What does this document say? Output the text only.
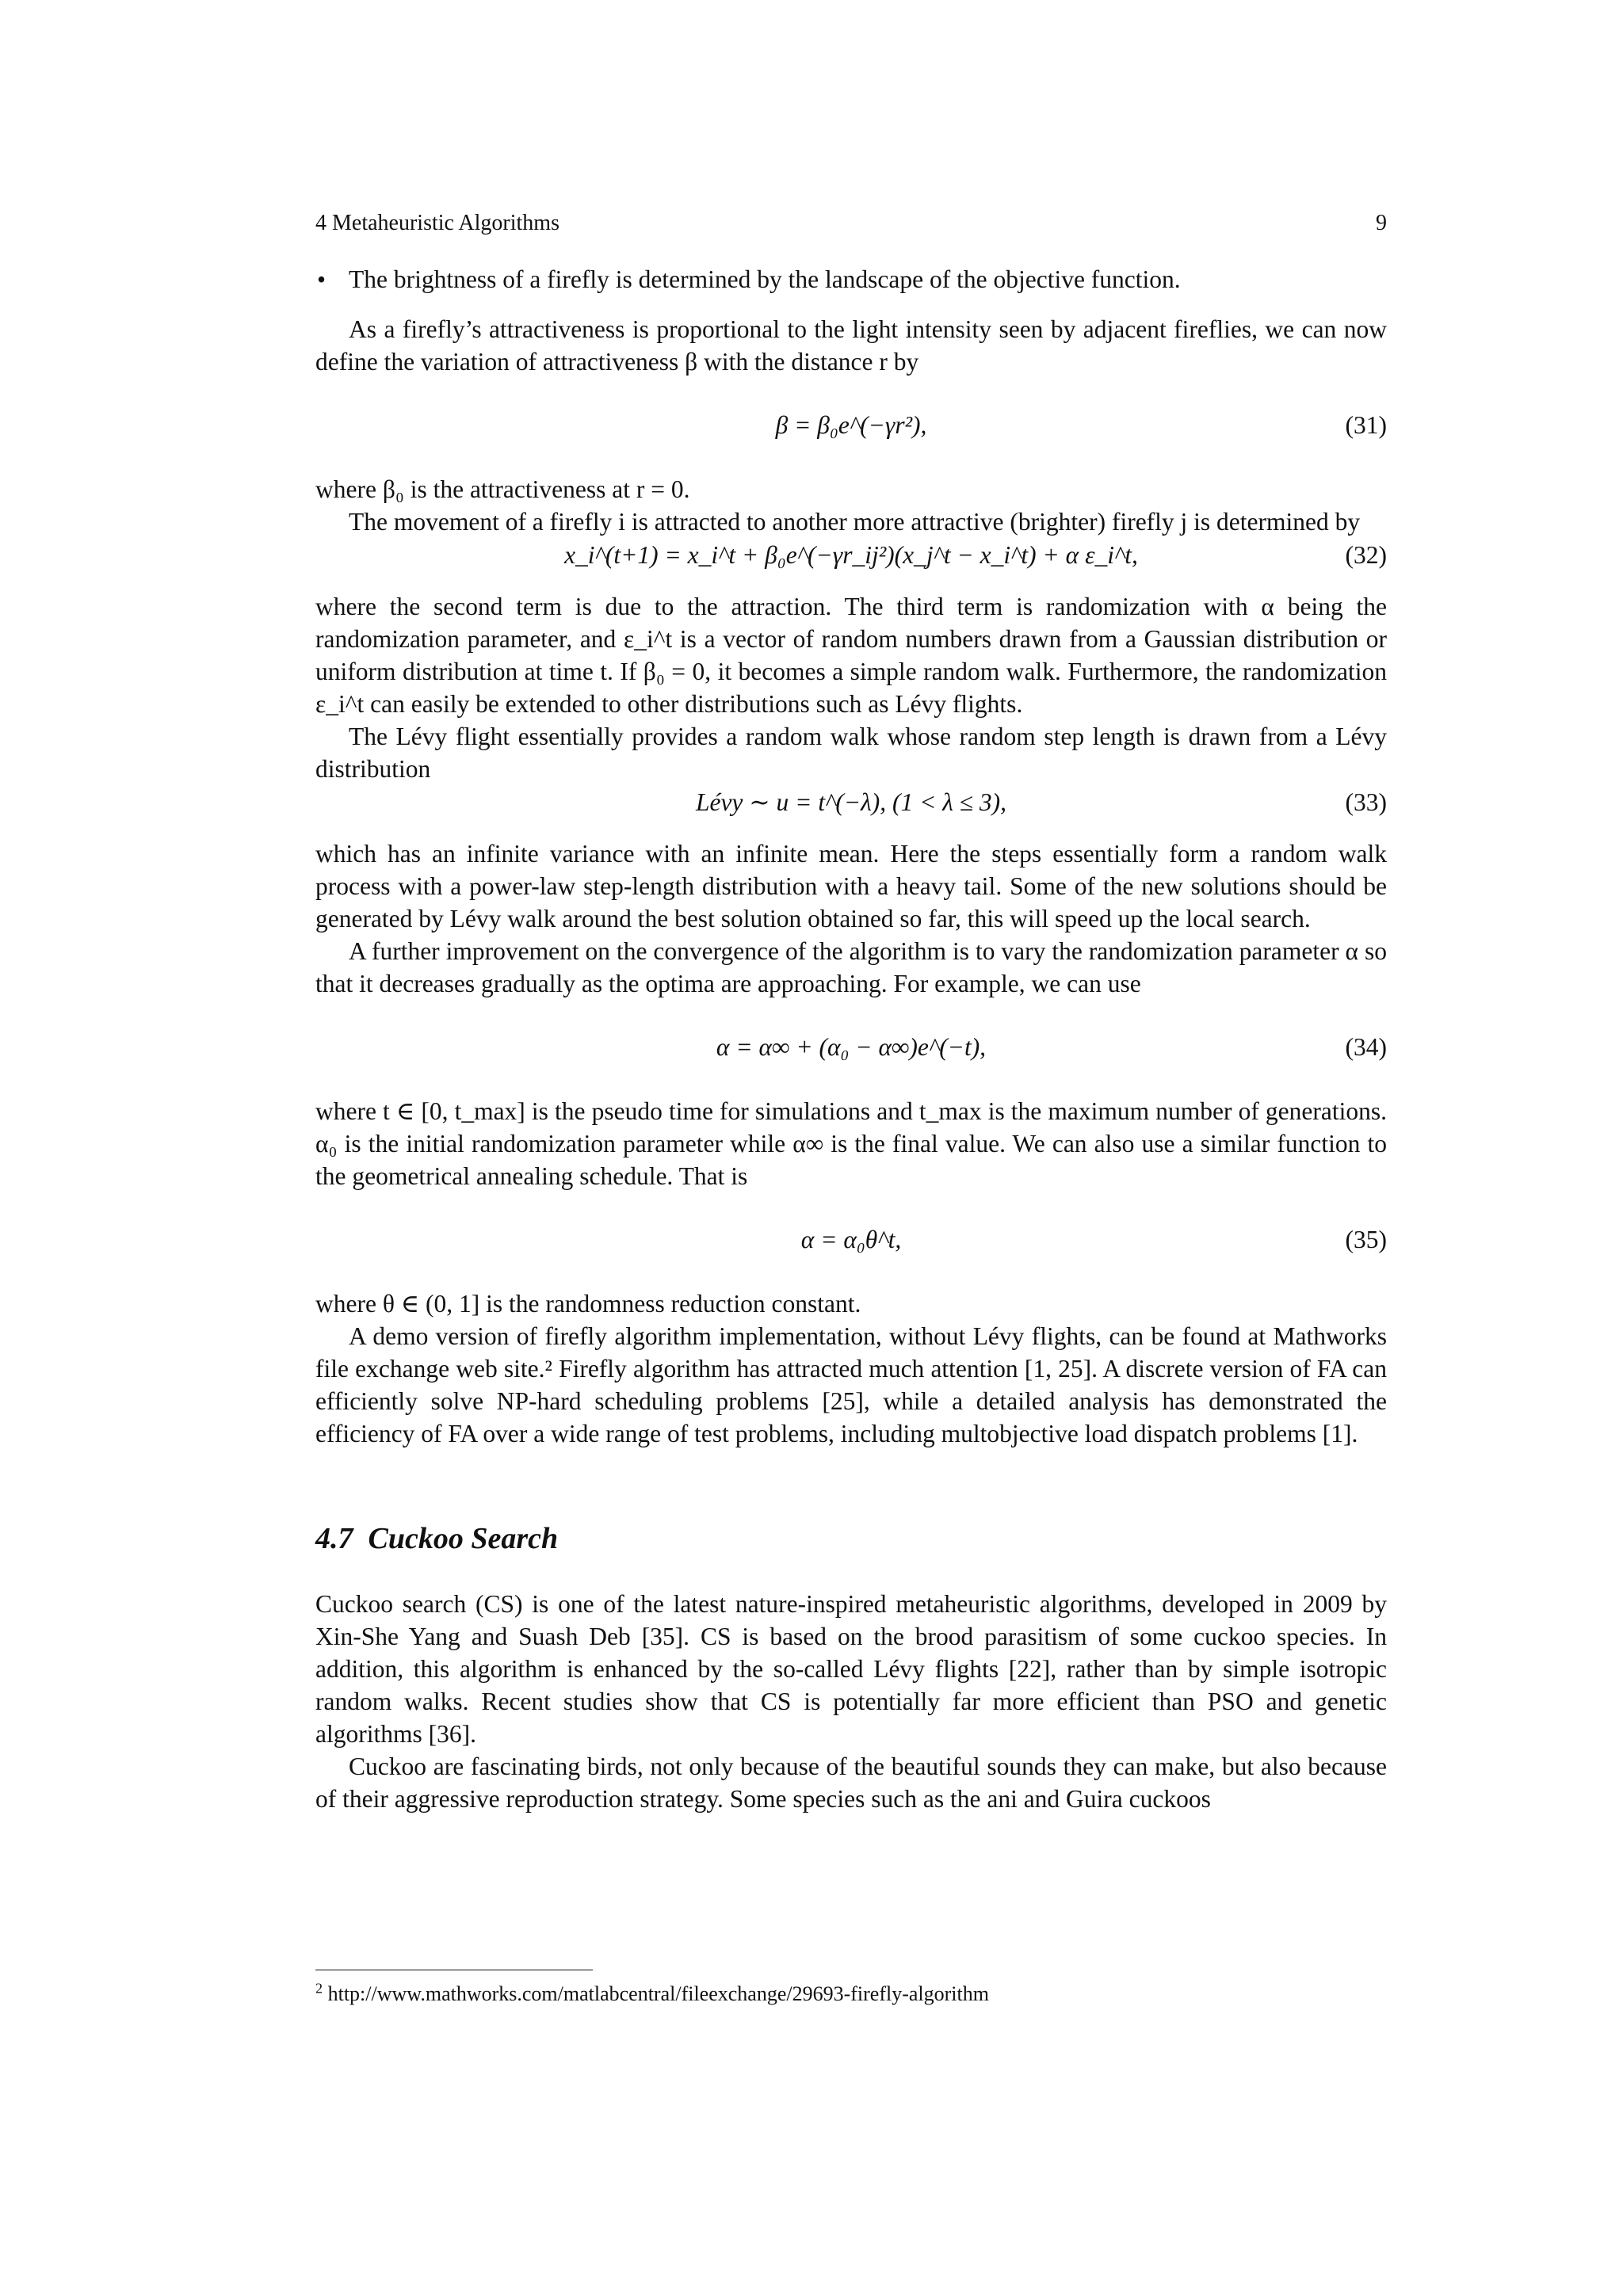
4 Metaheuristic Algorithms	9
• The brightness of a firefly is determined by the landscape of the objective function.

As a firefly’s attractiveness is proportional to the light intensity seen by adjacent fireflies, we can now define the variation of attractiveness β with the distance r by

β = β₀e^(−γr²),	(31)

where β₀ is the attractiveness at r = 0.

The movement of a firefly i is attracted to another more attractive (brighter) firefly j is determined by

x_i^(t+1) = x_i^t + β₀e^(−γr_ij²)(x_j^t − x_i^t) + α ε_i^t,	(32)

where the second term is due to the attraction. The third term is randomization with α being the randomization parameter, and ε_i^t is a vector of random numbers drawn from a Gaussian distribution or uniform distribution at time t. If β₀ = 0, it becomes a simple random walk. Furthermore, the randomization ε_i^t can easily be extended to other distributions such as Lévy flights.

The Lévy flight essentially provides a random walk whose random step length is drawn from a Lévy distribution

Lévy ∼ u = t^(−λ), (1 < λ ≤ 3),	(33)

which has an infinite variance with an infinite mean. Here the steps essentially form a random walk process with a power-law step-length distribution with a heavy tail. Some of the new solutions should be generated by Lévy walk around the best solution obtained so far, this will speed up the local search.

A further improvement on the convergence of the algorithm is to vary the randomization parameter α so that it decreases gradually as the optima are approaching. For example, we can use

α = α∞ + (α₀ − α∞)e^(−t),	(34)

where t ∈ [0, t_max] is the pseudo time for simulations and t_max is the maximum number of generations. α₀ is the initial randomization parameter while α∞ is the final value. We can also use a similar function to the geometrical annealing schedule. That is

α = α₀θ^t,	(35)

where θ ∈ (0, 1] is the randomness reduction constant.

A demo version of firefly algorithm implementation, without Lévy flights, can be found at Mathworks file exchange web site.² Firefly algorithm has attracted much attention [1, 25]. A discrete version of FA can efficiently solve NP-hard scheduling problems [25], while a detailed analysis has demonstrated the efficiency of FA over a wide range of test problems, including multobjective load dispatch problems [1].

4.7 Cuckoo Search

Cuckoo search (CS) is one of the latest nature-inspired metaheuristic algorithms, developed in 2009 by Xin-She Yang and Suash Deb [35]. CS is based on the brood parasitism of some cuckoo species. In addition, this algorithm is enhanced by the so-called Lévy flights [22], rather than by simple isotropic random walks. Recent studies show that CS is potentially far more efficient than PSO and genetic algorithms [36].

Cuckoo are fascinating birds, not only because of the beautiful sounds they can make, but also because of their aggressive reproduction strategy. Some species such as the ani and Guira cuckoos

$^2$ http://www.mathworks.com/matlabcentral/fileexchange/29693-firefly-algorithm
